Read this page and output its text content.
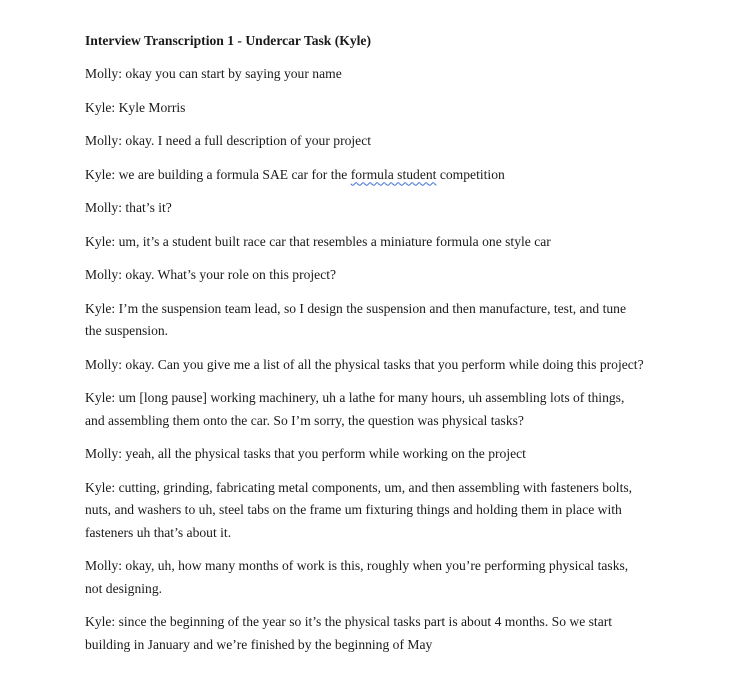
Interview Transcription 1 - Undercar Task (Kyle)

Molly: okay you can start by saying your name

Kyle: Kyle Morris

Molly: okay. I need a full description of your project

Kyle: we are building a formula SAE car for the formula student competition

Molly: that’s it?

Kyle: um, it’s a student built race car that resembles a miniature formula one style car

Molly: okay. What’s your role on this project?

Kyle: I’m the suspension team lead, so I design the suspension and then manufacture, test, and tune the suspension.

Molly: okay. Can you give me a list of all the physical tasks that you perform while doing this project?

Kyle: um [long pause] working machinery, uh a lathe for many hours, uh assembling lots of things, and assembling them onto the car. So I’m sorry, the question was physical tasks?

Molly: yeah, all the physical tasks that you perform while working on the project

Kyle: cutting, grinding, fabricating metal components, um, and then assembling with fasteners bolts, nuts, and washers to uh, steel tabs on the frame um fixturing things and holding them in place with fasteners uh that’s about it.

Molly: okay, uh, how many months of work is this, roughly when you’re performing physical tasks, not designing.

Kyle: since the beginning of the year so it’s the physical tasks part is about 4 months. So we start building in January and we’re finished by the beginning of May
